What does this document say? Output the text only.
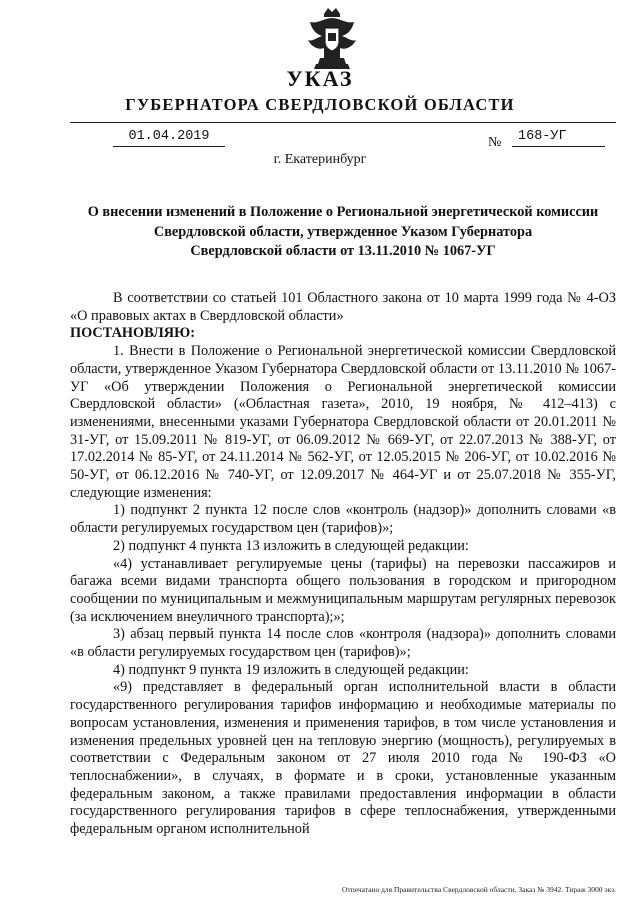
УКАЗ
ГУБЕРНАТОРА СВЕРДЛОВСКОЙ ОБЛАСТИ
01.04.2019	№	168-УГ
г. Екатеринбург
О внесении изменений в Положение о Региональной энергетической комиссии
Свердловской области, утвержденное Указом Губернатора
Свердловской области от 13.11.2010 № 1067-УГ

В соответствии со статьей 101 Областного закона от 10 марта 1999 года № 4-ОЗ «О правовых актах в Свердловской области»

ПОСТАНОВЛЯЮ:

1. Внести в Положение о Региональной энергетической комиссии Свердловской области, утвержденное Указом Губернатора Свердловской области от 13.11.2010 № 1067-УГ «Об утверждении Положения о Региональной энергетической комиссии Свердловской области» («Областная газета», 2010, 19 ноября, № 412–413) с изменениями, внесенными указами Губернатора Свердловской области от 20.01.2011 № 31-УГ, от 15.09.2011 № 819-УГ, от 06.09.2012 № 669-УГ, от 22.07.2013 № 388-УГ, от 17.02.2014 № 85-УГ, от 24.11.2014 № 562-УГ, от 12.05.2015 № 206-УГ, от 10.02.2016 № 50-УГ, от 06.12.2016 № 740-УГ, от 12.09.2017 № 464-УГ и от 25.07.2018 № 355-УГ, следующие изменения:

1) подпункт 2 пункта 12 после слов «контроль (надзор)» дополнить словами «в области регулируемых государством цен (тарифов)»;

2) подпункт 4 пункта 13 изложить в следующей редакции:

«4) устанавливает регулируемые цены (тарифы) на перевозки пассажиров и багажа всеми видами транспорта общего пользования в городском и пригородном сообщении по муниципальным и межмуниципальным маршрутам регулярных перевозок (за исключением внеуличного транспорта);»;

3) абзац первый пункта 14 после слов «контроля (надзора)» дополнить словами «в области регулируемых государством цен (тарифов)»;

4) подпункт 9 пункта 19 изложить в следующей редакции:

«9) представляет в федеральный орган исполнительной власти в области государственного регулирования тарифов информацию и необходимые материалы по вопросам установления, изменения и применения тарифов, в том числе установления и изменения предельных уровней цен на тепловую энергию (мощность), регулируемых в соответствии с Федеральным законом от 27 июля 2010 года № 190-ФЗ «О теплоснабжении», в случаях, в формате и в сроки, установленные указанным федеральным законом, а также правилами предоставления информации в области государственного регулирования тарифов в сфере теплоснабжения, утвержденными федеральным органом исполнительной

Отпечатано для Правительства Свердловской области. Заказ № 3942. Тираж 3000 экз.
